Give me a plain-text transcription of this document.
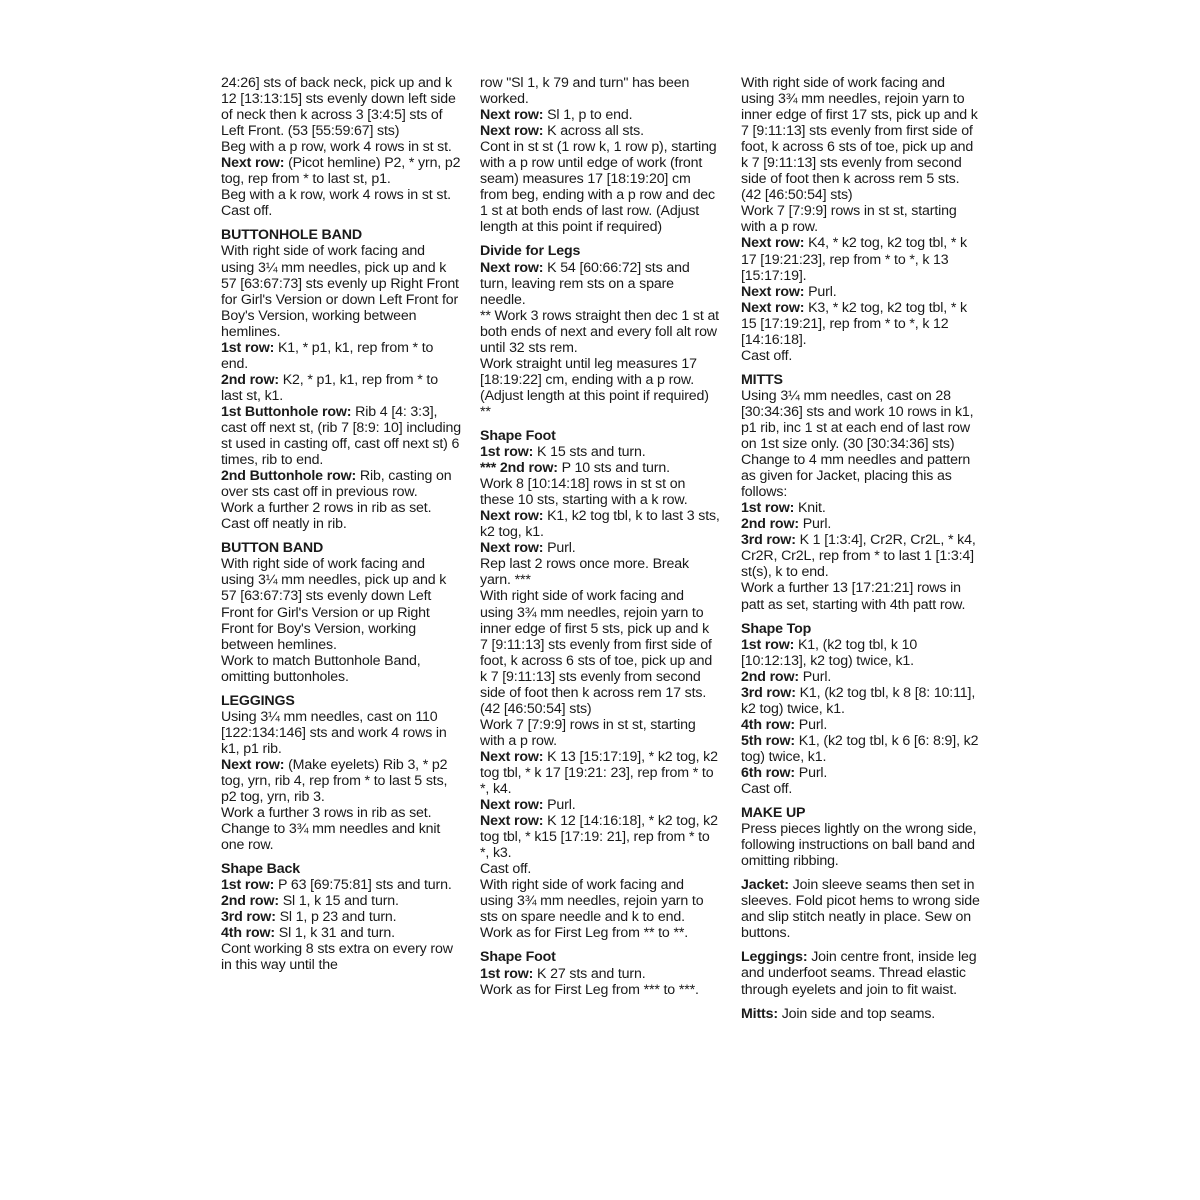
24:26] sts of back neck, pick up and k 12 [13:13:15] sts evenly down left side of neck then k across 3 [3:4:5] sts of Left Front. (53 [55:59:67] sts)

Beg with a p row, work 4 rows in st st.

Next row: (Picot hemline) P2, * yrn, p2 tog, rep from * to last st, p1.

Beg with a k row, work 4 rows in st st. Cast off.

BUTTONHOLE BAND

With right side of work facing and using 3¼ mm needles, pick up and k 57 [63:67:73] sts evenly up Right Front for Girl's Version or down Left Front for Boy's Version, working between hemlines.

1st row: K1, * p1, k1, rep from * to end.

2nd row: K2, * p1, k1, rep from * to last st, k1.

1st Buttonhole row: Rib 4 [4: 3:3], cast off next st, (rib 7 [8:9: 10] including st used in casting off, cast off next st) 6 times, rib to end.

2nd Buttonhole row: Rib, casting on over sts cast off in previous row.

Work a further 2 rows in rib as set. Cast off neatly in rib.

BUTTON BAND

With right side of work facing and using 3¼ mm needles, pick up and k 57 [63:67:73] sts evenly down Left Front for Girl's Version or up Right Front for Boy's Version, working between hemlines.

Work to match Buttonhole Band, omitting buttonholes.

LEGGINGS

Using 3¼ mm needles, cast on 110 [122:134:146] sts and work 4 rows in k1, p1 rib.

Next row: (Make eyelets) Rib 3, * p2 tog, yrn, rib 4, rep from * to last 5 sts, p2 tog, yrn, rib 3.

Work a further 3 rows in rib as set.

Change to 3¾ mm needles and knit one row.

Shape Back

1st row: P 63 [69:75:81] sts and turn.

2nd row: Sl 1, k 15 and turn.

3rd row: Sl 1, p 23 and turn.

4th row: Sl 1, k 31 and turn.

Cont working 8 sts extra on every row in this way until the

row "Sl 1, k 79 and turn" has been worked.

Next row: Sl 1, p to end.

Next row: K across all sts.

Cont in st st (1 row k, 1 row p), starting with a p row until edge of work (front seam) measures 17 [18:19:20] cm from beg, ending with a p row and dec 1 st at both ends of last row. (Adjust length at this point if required)

Divide for Legs

Next row: K 54 [60:66:72] sts and turn, leaving rem sts on a spare needle.

** Work 3 rows straight then dec 1 st at both ends of next and every foll alt row until 32 sts rem.

Work straight until leg measures 17 [18:19:22] cm, ending with a p row. (Adjust length at this point if required) **

Shape Foot

1st row: K 15 sts and turn.

*** 2nd row: P 10 sts and turn.

Work 8 [10:14:18] rows in st st on these 10 sts, starting with a k row.

Next row: K1, k2 tog tbl, k to last 3 sts, k2 tog, k1.

Next row: Purl.

Rep last 2 rows once more. Break yarn. ***

With right side of work facing and using 3¾ mm needles, rejoin yarn to inner edge of first 5 sts, pick up and k 7 [9:11:13] sts evenly from first side of foot, k across 6 sts of toe, pick up and k 7 [9:11:13] sts evenly from second side of foot then k across rem 17 sts. (42 [46:50:54] sts)

Work 7 [7:9:9] rows in st st, starting with a p row.

Next row: K 13 [15:17:19], * k2 tog, k2 tog tbl, * k 17 [19:21: 23], rep from * to *, k4.

Next row: Purl.

Next row: K 12 [14:16:18], * k2 tog, k2 tog tbl, * k15 [17:19: 21], rep from * to *, k3.

Cast off.

With right side of work facing and using 3¾ mm needles, rejoin yarn to sts on spare needle and k to end.

Work as for First Leg from ** to **.

Shape Foot

1st row: K 27 sts and turn.

Work as for First Leg from *** to ***.

With right side of work facing and using 3¾ mm needles, rejoin yarn to inner edge of first 17 sts, pick up and k 7 [9:11:13] sts evenly from first side of foot, k across 6 sts of toe, pick up and k 7 [9:11:13] sts evenly from second side of foot then k across rem 5 sts. (42 [46:50:54] sts)

Work 7 [7:9:9] rows in st st, starting with a p row.

Next row: K4, * k2 tog, k2 tog tbl, * k 17 [19:21:23], rep from * to *, k 13 [15:17:19].

Next row: Purl.

Next row: K3, * k2 tog, k2 tog tbl, * k 15 [17:19:21], rep from * to *, k 12 [14:16:18].

Cast off.

MITTS

Using 3¼ mm needles, cast on 28 [30:34:36] sts and work 10 rows in k1, p1 rib, inc 1 st at each end of last row on 1st size only. (30 [30:34:36] sts)

Change to 4 mm needles and pattern as given for Jacket, placing this as follows:

1st row: Knit.

2nd row: Purl.

3rd row: K 1 [1:3:4], Cr2R, Cr2L, * k4, Cr2R, Cr2L, rep from * to last 1 [1:3:4] st(s), k to end.

Work a further 13 [17:21:21] rows in patt as set, starting with 4th patt row.

Shape Top

1st row: K1, (k2 tog tbl, k 10 [10:12:13], k2 tog) twice, k1.

2nd row: Purl.

3rd row: K1, (k2 tog tbl, k 8 [8: 10:11], k2 tog) twice, k1.

4th row: Purl.

5th row: K1, (k2 tog tbl, k 6 [6: 8:9], k2 tog) twice, k1.

6th row: Purl.

Cast off.

MAKE UP

Press pieces lightly on the wrong side, following instructions on ball band and omitting ribbing.

Jacket: Join sleeve seams then set in sleeves. Fold picot hems to wrong side and slip stitch neatly in place. Sew on buttons.

Leggings: Join centre front, inside leg and underfoot seams. Thread elastic through eyelets and join to fit waist.

Mitts: Join side and top seams.
